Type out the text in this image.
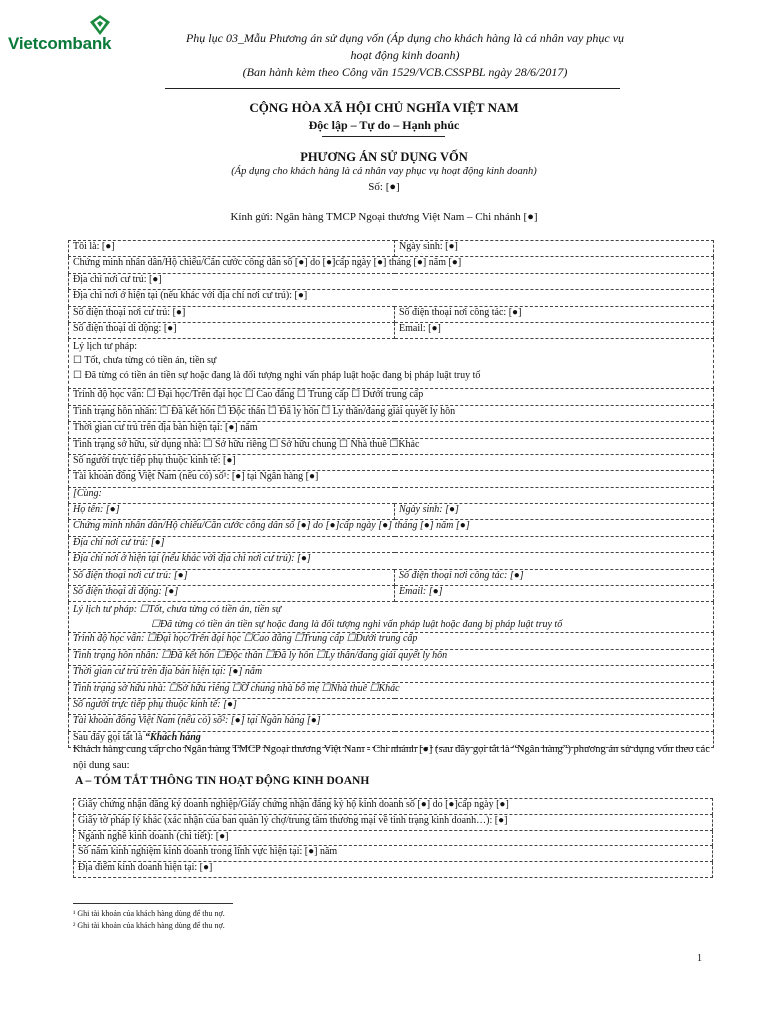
Vietcombank	Phụ lục 03_Mẫu Phương án sử dụng vốn (Áp dụng cho khách hàng là cá nhân vay phục vụ
hoạt động kinh doanh)
(Ban hành kèm theo Công văn 1529/VCB.CSSPBL ngày 28/6/2017)
CỘNG HÒA XÃ HỘI CHỦ NGHĨA VIỆT NAM
Độc lập – Tự do – Hạnh phúc
PHƯƠNG ÁN SỬ DỤNG VỐN
(Áp dụng cho khách hàng là cá nhân vay phục vụ hoạt động kinh doanh)
Số: [●]
Kính gửi: Ngân hàng TMCP Ngoại thương Việt Nam – Chi nhánh [●]
Tôi là: [●]	Ngày sinh: [●]
Chứng minh nhân dân/Hộ chiếu/Căn cước công dân số [●] do [●]cấp ngày [●] tháng [●] năm [●]	
Địa chỉ nơi cư trú: [●]	
Địa chỉ nơi ở hiện tại (nếu khác với địa chỉ nơi cư trú): [●]	
Số điện thoại nơi cư trú: [●]	Số điện thoại nơi công tác: [●]
Số điện thoại di động: [●]	Email: [●]

Lý lịch tư pháp:
☐ Tốt, chưa từng có tiền án, tiền sự
☐ Đã từng có tiền án tiền sự hoặc đang là đối tượng nghi vấn pháp luật hoặc đang bị pháp luật truy tố	

Trình độ học vấn: ☐ Đại học/Trên đại học ☐ Cao đẳng ☐ Trung cấp ☐ Dưới trung cấp	
Tình trạng hôn nhân: ☐ Đã kết hôn ☐ Độc thân ☐ Đã ly hôn ☐ Ly thân/đang giải quyết ly hôn	
Thời gian cư trú trên địa bàn hiện tại: [●] năm	
Tình trạng sở hữu, sử dụng nhà: ☐ Sở hữu riêng ☐ Sở hữu chung ☐ Nhà thuê ☐Khác	
Số người trực tiếp phụ thuộc kinh tế: [●]	
Tài khoản đồng Việt Nam (nếu có) số¹: [●] tại Ngân hàng [●]	
[Cùng:	
Họ tên: [●]	Ngày sinh: [●]
Chứng minh nhân dân/Hộ chiếu/Căn cước công dân số [●] do [●]cấp ngày [●] tháng [●] năm [●]	
Địa chỉ nơi cư trú: [●]	
Địa chỉ nơi ở hiện tại (nếu khác với địa chỉ nơi cư trú): [●]	
Số điện thoại nơi cư trú: [●]	Số điện thoại nơi công tác: [●]
Số điện thoại di động: [●]	Email: [●]

Lý lịch tư pháp: ☐Tốt, chưa từng có tiền án, tiền sự
☐Đã từng có tiền án tiền sự hoặc đang là đối tượng nghi vấn pháp luật hoặc đang bị pháp luật truy tố	

Trình độ học vấn: ☐Đại học/Trên đại học ☐Cao đẳng ☐Trung cấp ☐Dưới trung cấp	
Tình trạng hôn nhân: ☐Đã kết hôn ☐Độc thân ☐Đã ly hôn ☐Ly thân/đang giải quyết ly hôn	
Thời gian cư trú trên địa bàn hiện tại: [●] năm	
Tình trạng sở hữu nhà: ☐Sở hữu riêng ☐Ở chung nhà bố mẹ ☐Nhà thuê ☐Khác	
Số người trực tiếp phụ thuộc kinh tế: [●]	
Tài khoản đồng Việt Nam (nếu có) số²: [●] tại Ngân hàng [●]	
Sau đây gọi tắt là “Khách hàng	
Khách hàng cung cấp cho Ngân hàng TMCP Ngoại thương Việt Nam - Chi nhánh [●] (sau đây gọi tắt là “Ngân hàng”) phương án sử dụng vốn theo các nội dung sau:
A – TÓM TẮT THÔNG TIN HOẠT ĐỘNG KINH DOANH
Giấy chứng nhận đăng ký doanh nghiệp/Giấy chứng nhận đăng ký hộ kinh doanh số [●] do [●]cấp ngày [●]
Giấy tờ pháp lý khác (xác nhận của ban quản lý chợ/trung tâm thương mại về tình trạng kinh doanh…): [●]
Ngành nghề kinh doanh (chi tiết): [●]
Số năm kinh nghiệm kinh doanh trong lĩnh vực hiện tại: [●] năm
Địa điểm kinh doanh hiện tại: [●]
¹ Ghi tài khoản của khách hàng dùng để thu nợ.
² Ghi tài khoản của khách hàng dùng để thu nợ.
1
